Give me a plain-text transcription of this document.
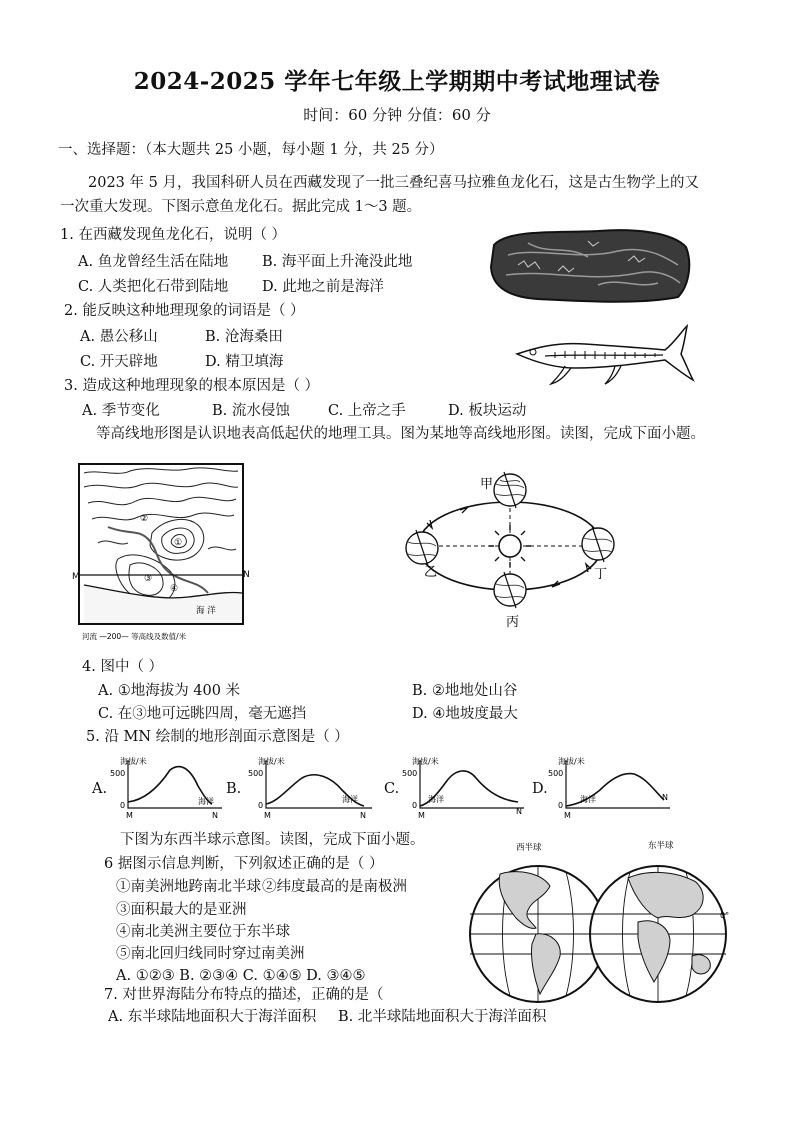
2024-2025 学年七年级上学期期中考试地理试卷
时间：60 分钟 分值：60 分
一、选择题：（本大题共 25 小题，每小题 1 分，共 25 分）
2023 年 5 月，我国科研人员在西藏发现了一批三叠纪喜马拉雅鱼龙化石，这是古生物学上的又
一次重大发现。下图示意鱼龙化石。据此完成 1～3 题。
1. 在西藏发现鱼龙化石，说明（ ）
A. 鱼龙曾经生活在陆地 B. 海平面上升淹没此地
C. 人类把化石带到陆地 D. 此地之前是海洋
2. 能反映这种地理现象的词语是（ ）
A. 愚公移山	B. 沧海桑田
C. 开天辟地	D. 精卫填海
3. 造成这种地理现象的根本原因是（ ）
A. 季节变化	B. 流水侵蚀	C. 上帝之手	D. 板块运动
等高线地形图是认识地表高低起伏的地理工具。图为某地等高线地形图。读图，完成下面小题。
M	N
海 洋
①
②
③
④
河流 —200— 等高线及数值/米
甲
乙
丙
丁
4. 图中（ ）
A. ①地海拔为 400 米	B. ②地地处山谷
C. 在③地可远眺四周，毫无遮挡	D. ④地坡度最大
5. 沿 MN 绘制的地形剖面示意图是（ ）
A.
海拔/米
500
0
M
海洋
N
B.
海拔/米
500
0
M
海洋
N
C.
海拔/米
500
0
M
海洋
N
D.
海拔/米
500
0
M
海洋	N
下图为东西半球示意图。读图，完成下面小题。
6 据图示信息判断，下列叙述正确的是（ ）
①南美洲地跨南北半球 ②纬度最高的是南极洲
③面积最大的是亚洲
④南北美洲主要位于东半球
⑤南北回归线同时穿过南美洲
A. ①②③ B. ②③④ C. ①④⑤ D. ③④⑤
西半球	东半球
0°
7. 对世界海陆分布特点的描述，正确的是（
A. 东半球陆地面积大于海洋面积 B. 北半球陆地面积大于海洋面积
